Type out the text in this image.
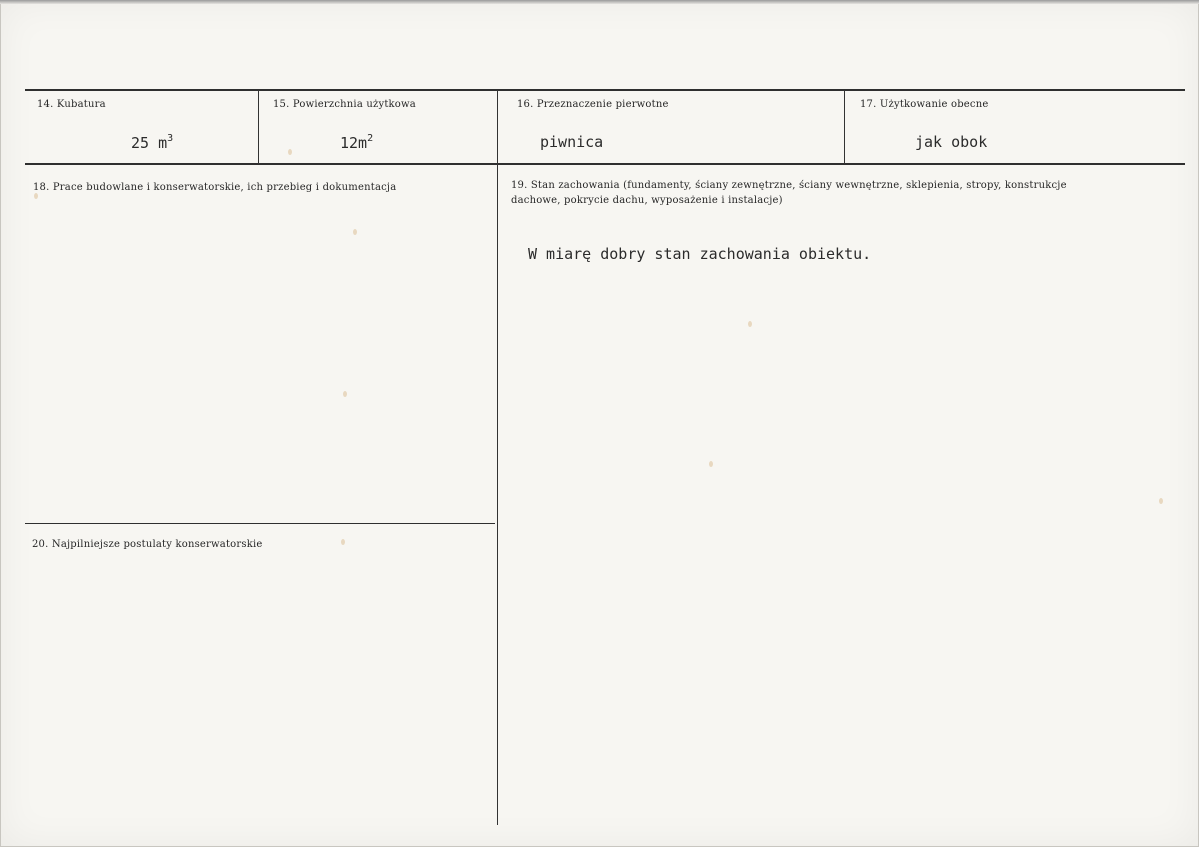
14. Kubatura
25 $m^3$
15. Powierzchnia użytkowa
$12m^2$
16. Przeznaczenie pierwotne
piwnica
17. Użytkowanie obecne
jak obok
18. Prace budowlane i konserwatorskie, ich przebieg i dokumentacja	19. Stan zachowania (fundamenty, ściany zewnętrzne, ściany wewnętrzne, sklepienia, stropy, konstrukcje dachowe, pokrycie dachu, wyposażenie i instalacje)
W miarę dobry stan zachowania obiektu.
20. Najpilniejsze postulaty konserwatorskie
